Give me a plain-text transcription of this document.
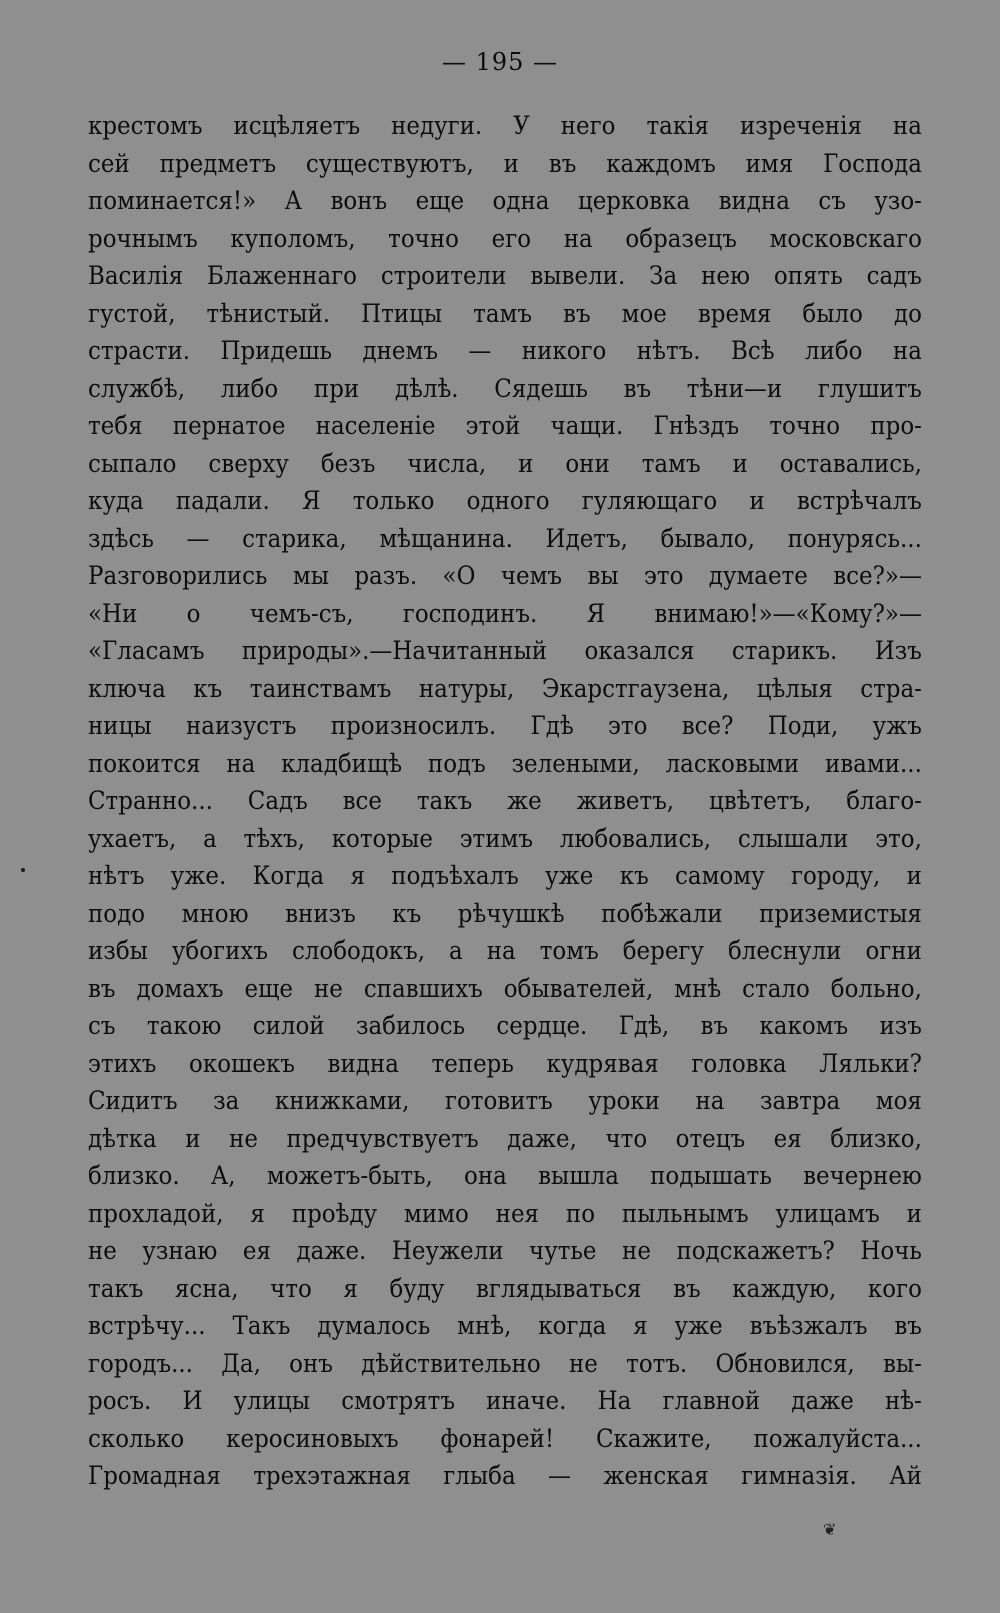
— 195 —
крестомъ исцѣляетъ недуги. У него такія изреченія на
сей предметъ существуютъ, и въ каждомъ имя Господа
поминается!» А вонъ еще одна церковка видна съ узо-
рочнымъ куполомъ, точно его на образецъ московскаго
Василія Блаженнаго строители вывели. За нею опять садъ
густой, тѣнистый. Птицы тамъ въ мое время было до
страсти. Придешь днемъ — никого нѣтъ. Всѣ либо на
службѣ, либо при дѣлѣ. Сядешь въ тѣни—и глушитъ
тебя пернатое населеніе этой чащи. Гнѣздъ точно про-
сыпало сверху безъ числа, и они тамъ и оставались,
куда падали. Я только одного гуляющаго и встрѣчалъ
здѣсь — старика, мѣщанина. Идетъ, бывало, понурясь...
Разговорились мы разъ. «О чемъ вы это думаете все?»—
«Ни о чемъ-съ, господинъ. Я внимаю!»—«Кому?»—
«Гласамъ природы».—Начитанный оказался старикъ. Изъ
ключа къ таинствамъ натуры, Экарстгаузена, цѣлыя стра-
ницы наизустъ произносилъ. Гдѣ это все? Поди, ужъ
покоится на кладбищѣ подъ зелеными, ласковыми ивами...
Странно... Садъ все такъ же живетъ, цвѣтетъ, благо-
ухаетъ, а тѣхъ, которые этимъ любовались, слышали это,
нѣтъ уже. Когда я подъѣхалъ уже къ самому городу, и
подо мною внизъ къ рѣчушкѣ побѣжали приземистыя
избы убогихъ слободокъ, а на томъ берегу блеснули огни
въ домахъ еще не спавшихъ обывателей, мнѣ стало больно,
съ такою силой забилось сердце. Гдѣ, въ какомъ изъ
этихъ окошекъ видна теперь кудрявая головка Ляльки?
Сидитъ за книжками, готовитъ уроки на завтра моя
дѣтка и не предчувствуетъ даже, что отецъ ея близко,
близко. А, можетъ-быть, она вышла подышать вечернею
прохладой, я проѣду мимо нея по пыльнымъ улицамъ и
не узнаю ея даже. Неужели чутье не подскажетъ? Ночь
такъ ясна, что я буду вглядываться въ каждую, кого
встрѣчу... Такъ думалось мнѣ, когда я уже въѣзжалъ въ
городъ... Да, онъ дѣйствительно не тотъ. Обновился, вы-
росъ. И улицы смотрятъ иначе. На главной даже нѣ-
сколько керосиновыхъ фонарей! Скажите, пожалуйста...
Громадная трехэтажная глыба — женская гимназія. Ай
❦
